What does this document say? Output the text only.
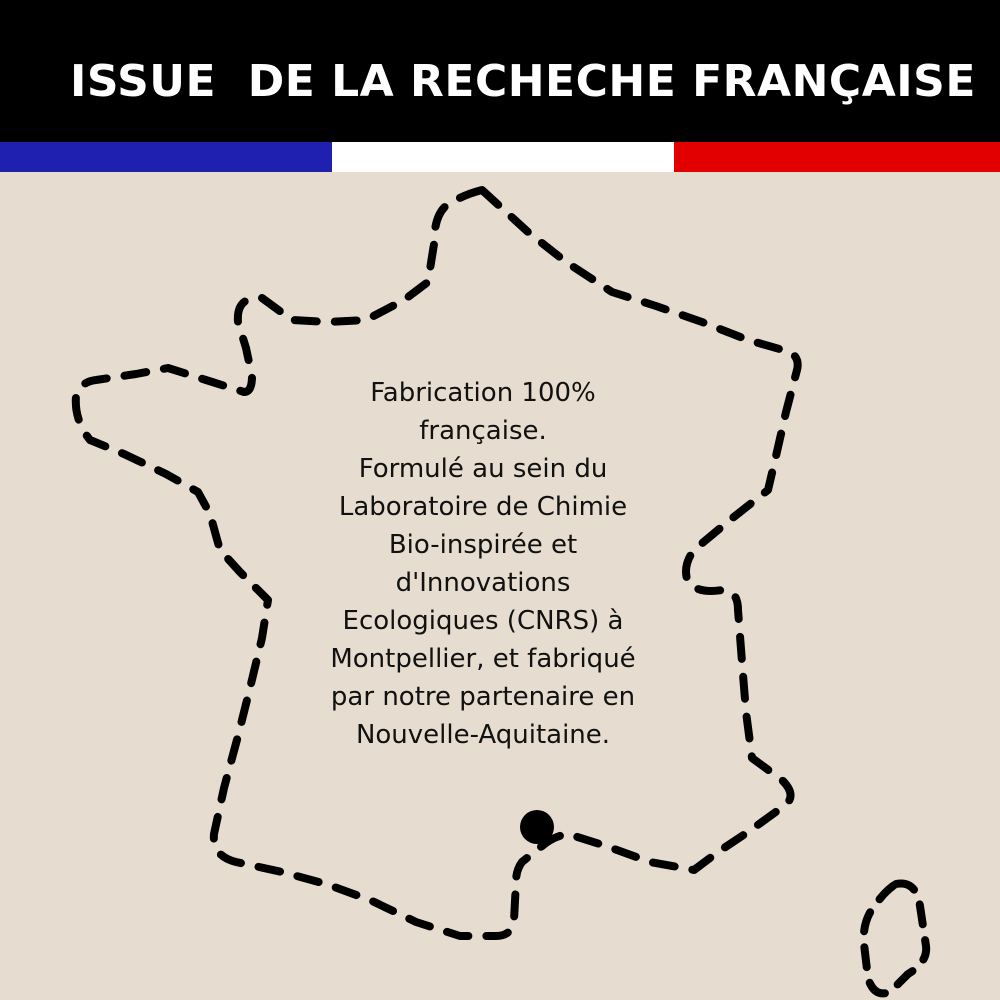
ISSUE  DE LA RECHECHE FRANÇAISE
Fabrication 100%
française.
Formulé au sein du
Laboratoire de Chimie
Bio-inspirée et
d'Innovations
Ecologiques (CNRS) à
Montpellier, et fabriqué
par notre partenaire en
Nouvelle-Aquitaine.
